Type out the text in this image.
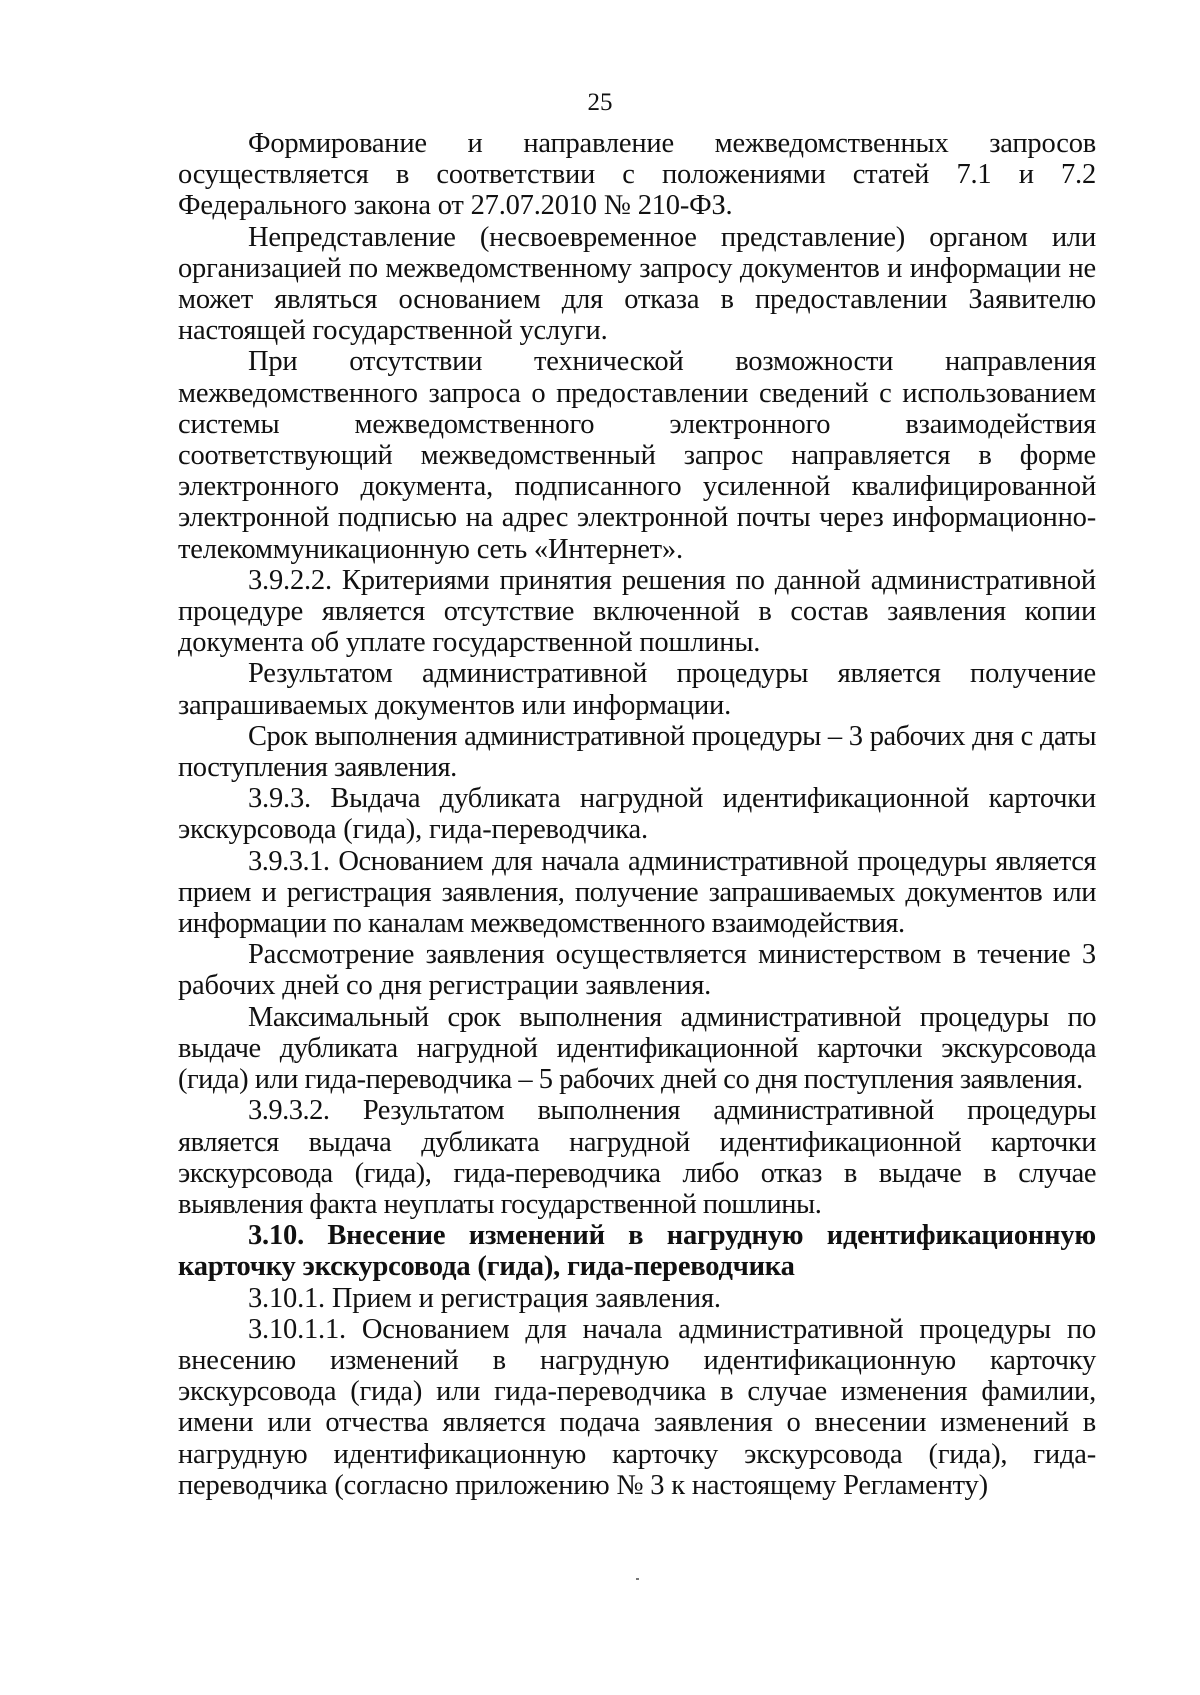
25

Формирование и направление межведомственных запросов осуществляется в соответствии с положениями статей 7.1 и 7.2 Федерального закона от 27.07.2010 № 210-ФЗ.

Непредставление (несвоевременное представление) органом или организацией по межведомственному запросу документов и информации не может являться основанием для отказа в предоставлении Заявителю настоящей государственной услуги.

При отсутствии технической возможности направления межведомственного запроса о предоставлении сведений с использованием системы межведомственного электронного взаимодействия соответствующий межведомственный запрос направляется в форме электронного документа, подписанного усиленной квалифицированной электронной подписью на адрес электронной почты через информационно-телекоммуникационную сеть «Интернет».

3.9.2.2. Критериями принятия решения по данной административной процедуре является отсутствие включенной в состав заявления копии документа об уплате государственной пошлины.

Результатом административной процедуры является получение запрашиваемых документов или информации.

Срок выполнения административной процедуры – 3 рабочих дня с даты поступления заявления.

3.9.3. Выдача дубликата нагрудной идентификационной карточки экскурсовода (гида), гида-переводчика.

3.9.3.1. Основанием для начала административной процедуры является прием и регистрация заявления, получение запрашиваемых документов или информации по каналам межведомственного взаимодействия.

Рассмотрение заявления осуществляется министерством в течение 3 рабочих дней со дня регистрации заявления.

Максимальный срок выполнения административной процедуры по выдаче дубликата нагрудной идентификационной карточки экскурсовода (гида) или гида-переводчика – 5 рабочих дней со дня поступления заявления.

3.9.3.2. Результатом выполнения административной процедуры является выдача дубликата нагрудной идентификационной карточки экскурсовода (гида), гида-переводчика либо отказ в выдаче в случае выявления факта неуплаты государственной пошлины.

3.10. Внесение изменений в нагрудную идентификационную карточку экскурсовода (гида), гида-переводчика

3.10.1. Прием и регистрация заявления.

3.10.1.1. Основанием для начала административной процедуры по внесению изменений в нагрудную идентификационную карточку экскурсовода (гида) или гида-переводчика в случае изменения фамилии, имени или отчества является подача заявления о внесении изменений в нагрудную идентификационную карточку экскурсовода (гида), гида-переводчика (согласно приложению № 3 к настоящему Регламенту)
